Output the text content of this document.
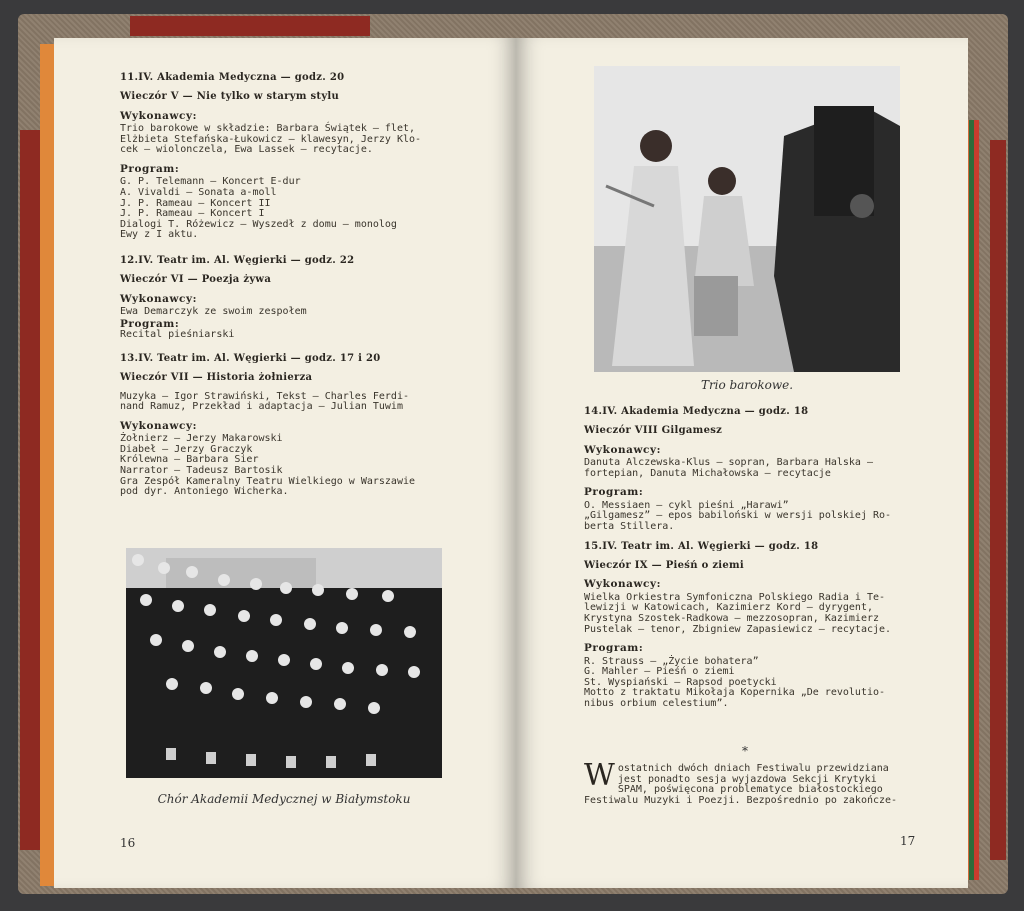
11.IV. Akademia Medyczna — godz. 20

Wieczór V — Nie tylko w starym stylu

Wykonawcy:

Trio barokowe w składzie: Barbara Świątek — flet,
Elżbieta Stefańska-Łukowicz — klawesyn, Jerzy Klo-
cek — wiolonczela, Ewa Lassek — recytacje.

Program:

G. P. Telemann — Koncert E-dur
A. Vivaldi — Sonata a-moll
J. P. Rameau — Koncert II
J. P. Rameau — Koncert I
Dialogi T. Różewicz — Wyszedł z domu — monolog
Ewy z I aktu.

12.IV. Teatr im. Al. Węgierki — godz. 22

Wieczór VI — Poezja żywa

Wykonawcy:

Ewa Demarczyk ze swoim zespołem

Program:

Recital pieśniarski

13.IV. Teatr im. Al. Węgierki — godz. 17 i 20

Wieczór VII — Historia żołnierza

Muzyka — Igor Strawiński, Tekst — Charles Ferdi-
nand Ramuz, Przekład i adaptacja — Julian Tuwim

Wykonawcy:

Żołnierz — Jerzy Makarowski
Diabeł — Jerzy Graczyk
Królewna — Barbara Sier
Narrator — Tadeusz Bartosik
Gra Zespół Kameralny Teatru Wielkiego w Warszawie
pod dyr. Antoniego Wicherka.

Chór Akademii Medycznej w Białymstoku
16
Trio barokowe.

14.IV. Akademia Medyczna — godz. 18

Wieczór VIII Gilgamesz

Wykonawcy:

Danuta Alczewska-Klus — sopran, Barbara Halska —
fortepian, Danuta Michałowska — recytacje

Program:

O. Messiaen — cykl pieśni „Harawi”
„Gilgamesz” — epos babiloński w wersji polskiej Ro-
berta Stillera.

15.IV. Teatr im. Al. Węgierki — godz. 18

Wieczór IX — Pieśń o ziemi

Wykonawcy:

Wielka Orkiestra Symfoniczna Polskiego Radia i Te-
lewizji w Katowicach, Kazimierz Kord — dyrygent,
Krystyna Szostek-Radkowa — mezzosopran, Kazimierz
Pustelak — tenor, Zbigniew Zapasiewicz — recytacje.

Program:

R. Strauss — „Życie bohatera”
G. Mahler — Pieśń o ziemi
St. Wyspiański — Rapsod poetycki
Motto z traktatu Mikołaja Kopernika „De revolutio-
nibus orbium celestium”.

*
W ostatnich dwóch dniach Festiwalu przewidziana
jest ponadto sesja wyjazdowa Sekcji Krytyki
SPAM, poświęcona problematyce białostockiego
Festiwalu Muzyki i Poezji. Bezpośrednio po zakończe-
17
